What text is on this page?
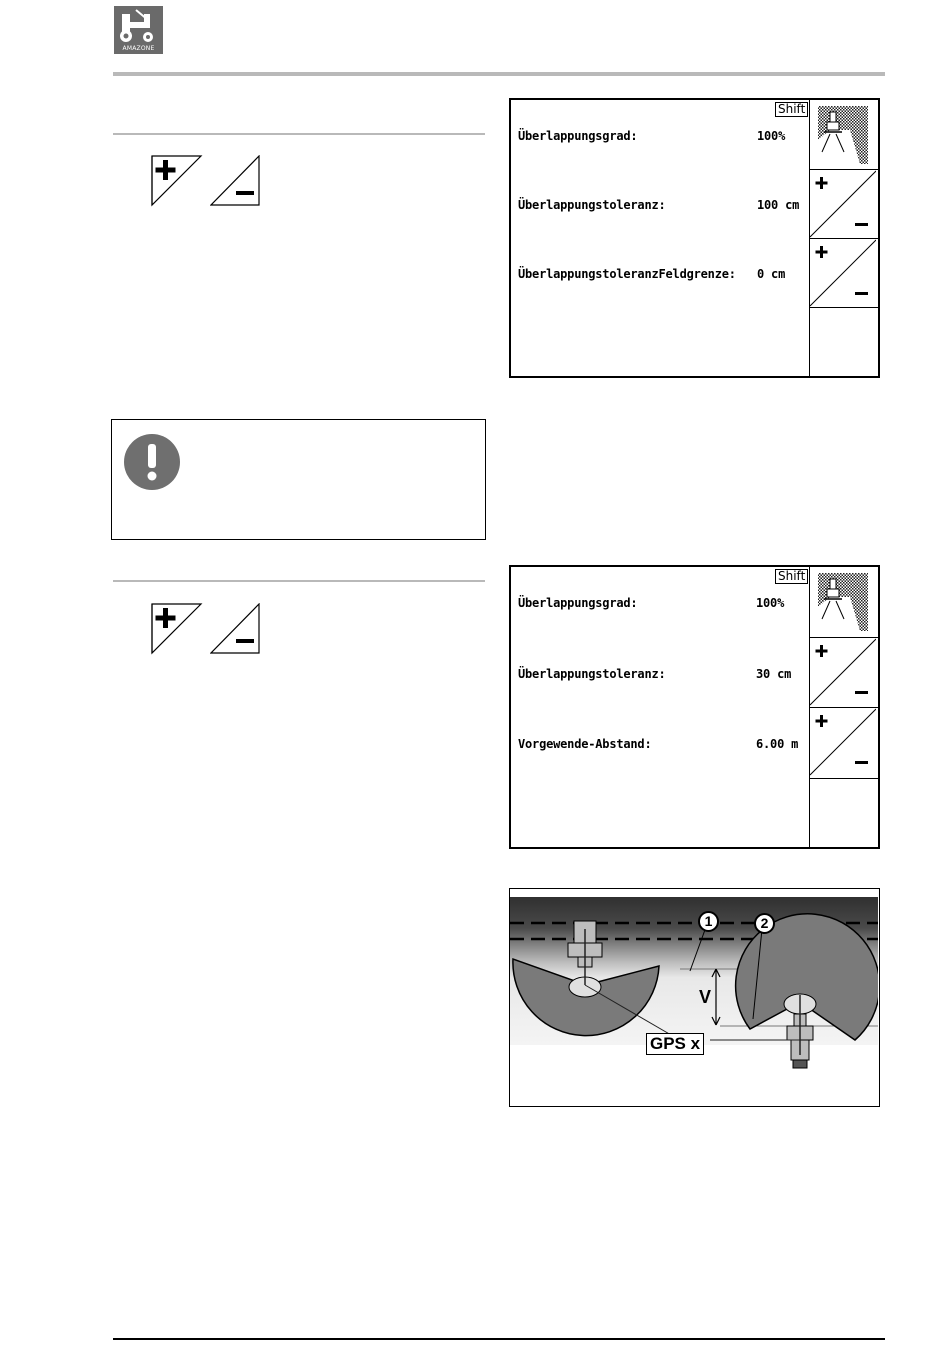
AMAZONE
Shift
Überlappungsgrad:	100%
Überlappungstoleranz:	100 cm
ÜberlappungstoleranzFeldgrenze: 0 cm
Shift
Überlappungsgrad:	100%
Überlappungstoleranz:	30 cm
Vorgewende-Abstand:	6.00 m
1	2
V
GPS x
